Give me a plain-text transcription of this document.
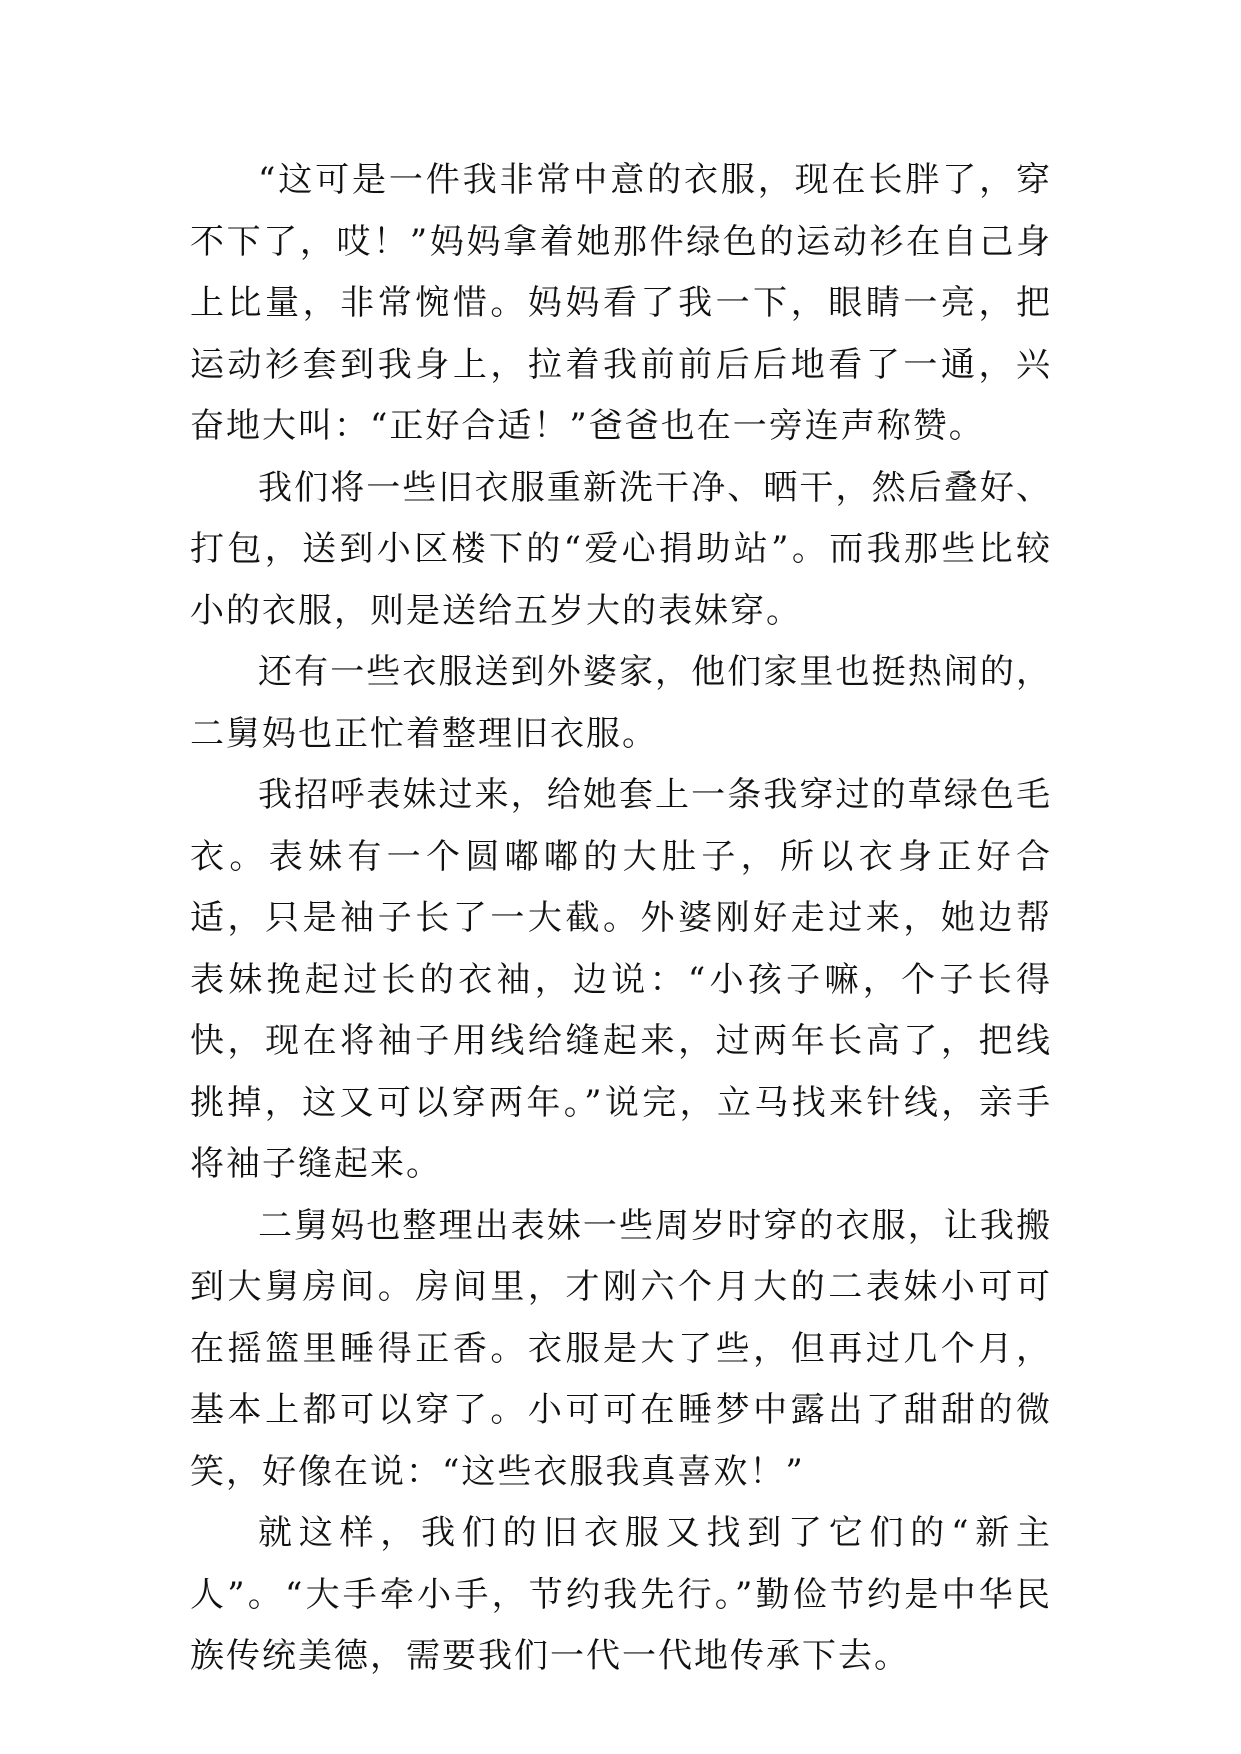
“这可是一件我非常中意的衣服，现在长胖了，穿不下了，哎！”妈妈拿着她那件绿色的运动衫在自己身上比量，非常惋惜。妈妈看了我一下，眼睛一亮，把运动衫套到我身上，拉着我前前后后地看了一通，兴奋地大叫：“正好合适！”爸爸也在一旁连声称赞。

我们将一些旧衣服重新洗干净、晒干，然后叠好、打包，送到小区楼下的“爱心捐助站”。而我那些比较小的衣服，则是送给五岁大的表妹穿。

还有一些衣服送到外婆家，他们家里也挺热闹的，二舅妈也正忙着整理旧衣服。

我招呼表妹过来，给她套上一条我穿过的草绿色毛衣。表妹有一个圆嘟嘟的大肚子，所以衣身正好合适，只是袖子长了一大截。外婆刚好走过来，她边帮表妹挽起过长的衣袖，边说：“小孩子嘛，个子长得快，现在将袖子用线给缝起来，过两年长高了，把线挑掉，这又可以穿两年。”说完，立马找来针线，亲手将袖子缝起来。

二舅妈也整理出表妹一些周岁时穿的衣服，让我搬到大舅房间。房间里，才刚六个月大的二表妹小可可在摇篮里睡得正香。衣服是大了些，但再过几个月，基本上都可以穿了。小可可在睡梦中露出了甜甜的微笑，好像在说：“这些衣服我真喜欢！”

就这样，我们的旧衣服又找到了它们的“新主人”。“大手牵小手，节约我先行。”勤俭节约是中华民族传统美德，需要我们一代一代地传承下去。
